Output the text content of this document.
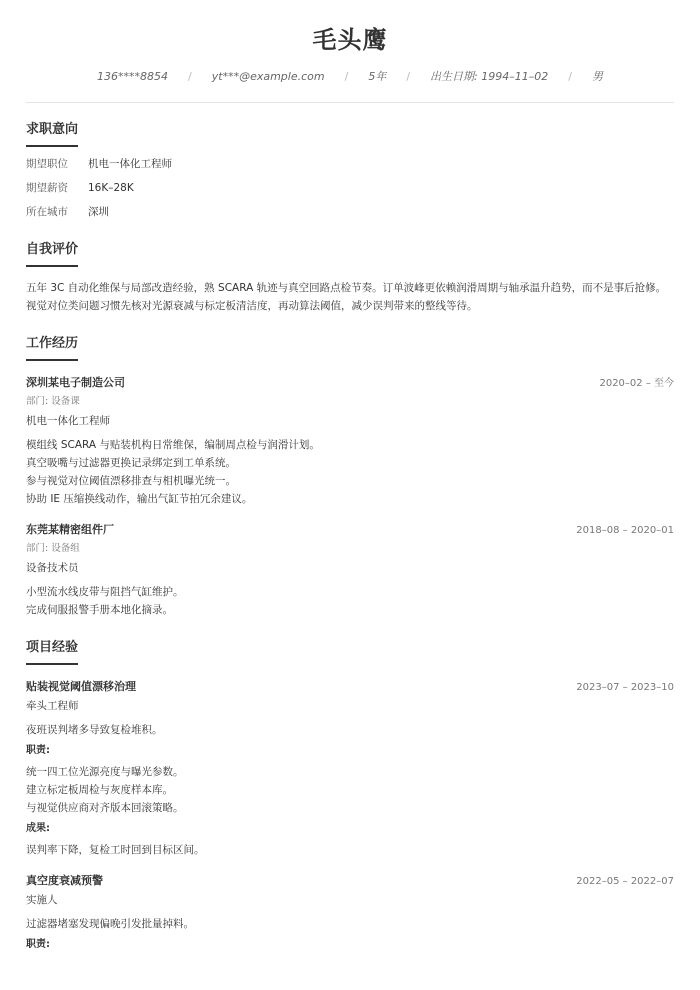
毛头鹰
136****8854 / yt***@example.com / 5年 / 出生日期: 1994–11–02 / 男
求职意向
期望职位	机电一体化工程师
期望薪资	16K–28K
所在城市	深圳
自我评价
五年 3C 自动化维保与局部改造经验，熟 SCARA 轨迹与真空回路点检节奏。订单波峰更依赖润滑周期与轴承温升趋势，而不是事后抢修。
视觉对位类问题习惯先核对光源衰减与标定板清洁度，再动算法阈值，减少误判带来的整线等待。
工作经历
深圳某电子制造公司	2020–02 – 至今
部门: 设备课
机电一体化工程师
模组线 SCARA 与贴装机构日常维保，编制周点检与润滑计划。
真空吸嘴与过滤器更换记录绑定到工单系统。
参与视觉对位阈值漂移排查与相机曝光统一。
协助 IE 压缩换线动作，输出气缸节拍冗余建议。
东莞某精密组件厂	2018–08 – 2020–01
部门: 设备组
设备技术员
小型流水线皮带与阻挡气缸维护。
完成伺服报警手册本地化摘录。
项目经验
贴装视觉阈值漂移治理	2023–07 – 2023–10
牵头工程师
夜班误判堵多导致复检堆积。
职责:
统一四工位光源亮度与曝光参数。
建立标定板周检与灰度样本库。
与视觉供应商对齐版本回滚策略。
成果:
误判率下降，复检工时回到目标区间。
真空度衰减预警	2022–05 – 2022–07
实施人
过滤器堵塞发现偏晚引发批量掉料。
职责:
